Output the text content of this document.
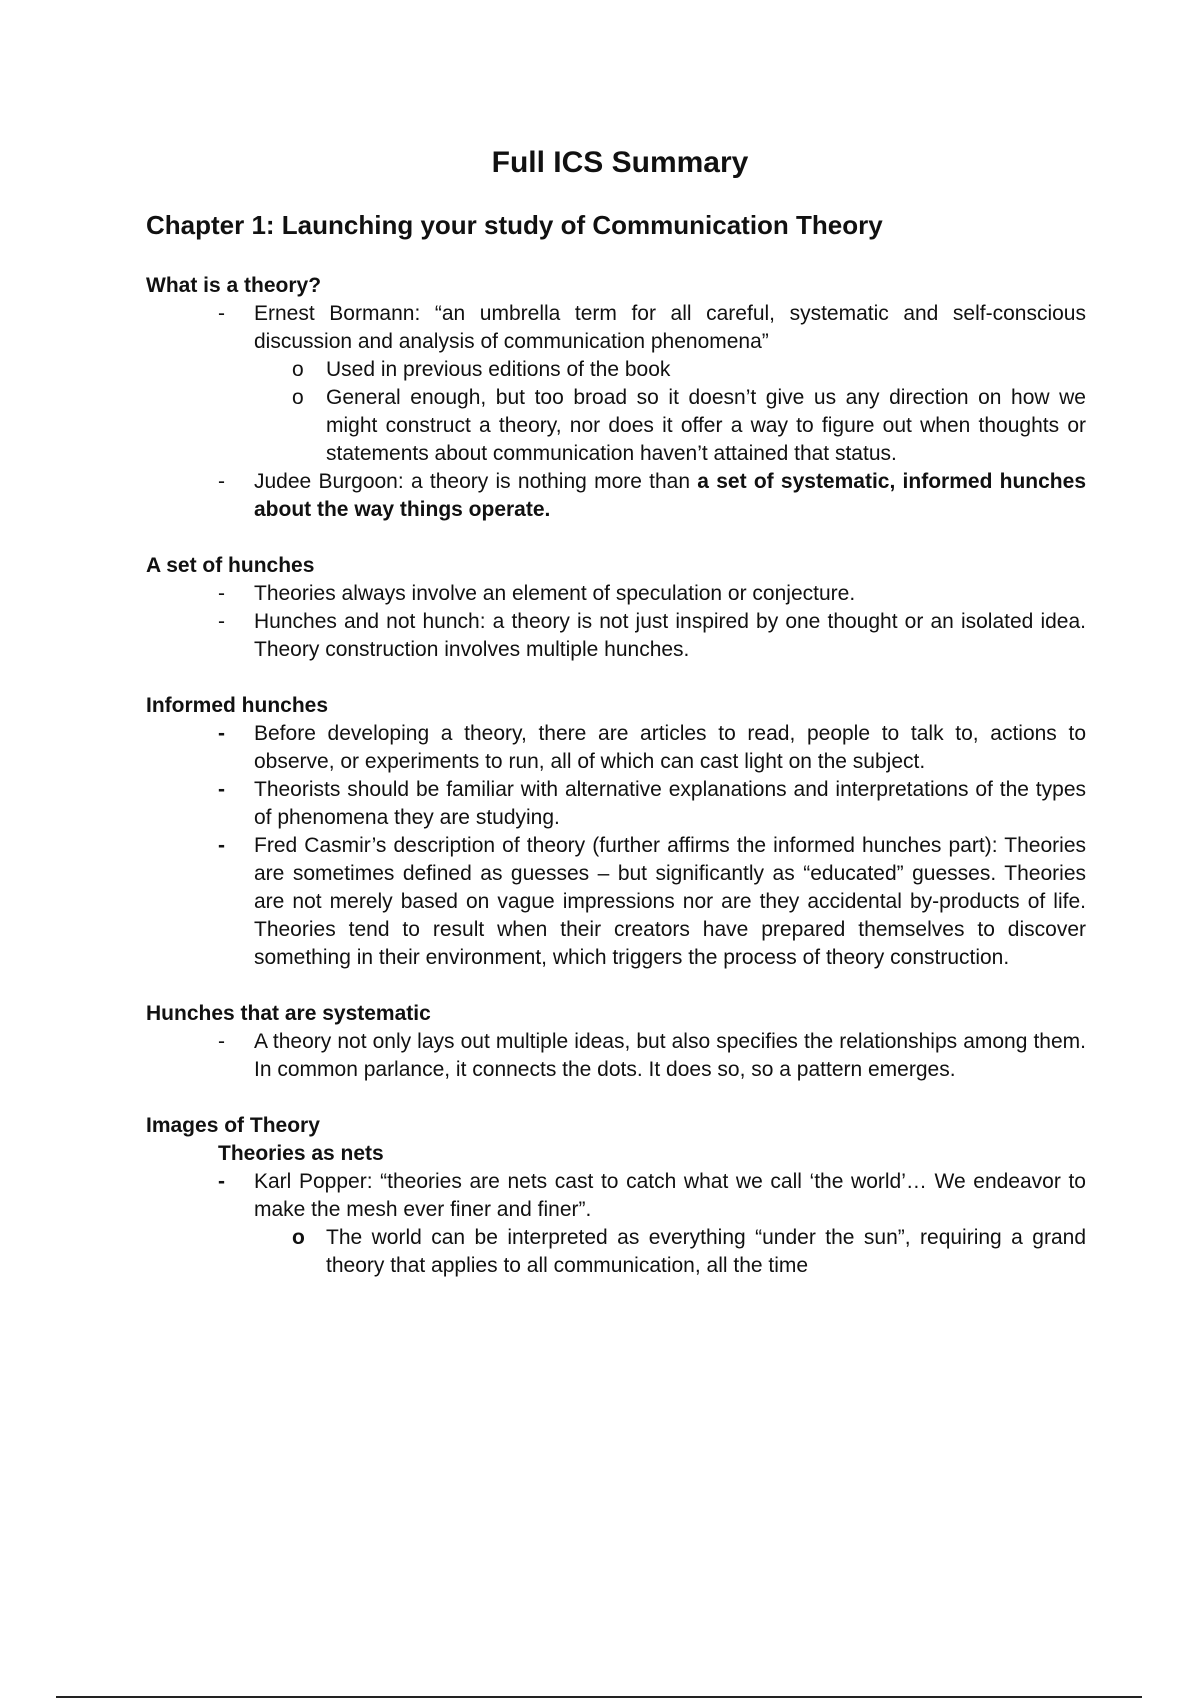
Full ICS Summary
Chapter 1: Launching your study of Communication Theory

What is a theory?

-	Ernest Bormann: “an umbrella term for all careful, systematic and self-conscious discussion and analysis of communication phenomena”
o Used in previous editions of the book
o General enough, but too broad so it doesn’t give us any direction on how we might construct a theory, nor does it offer a way to figure out when thoughts or statements about communication haven’t attained that status.
-	Judee Burgoon: a theory is nothing more than a set of systematic, informed hunches about the way things operate.

A set of hunches

-	Theories always involve an element of speculation or conjecture.
-	Hunches and not hunch: a theory is not just inspired by one thought or an isolated idea. Theory construction involves multiple hunches.

Informed hunches

-	Before developing a theory, there are articles to read, people to talk to, actions to observe, or experiments to run, all of which can cast light on the subject.
-	Theorists should be familiar with alternative explanations and interpretations of the types of phenomena they are studying.
-	Fred Casmir’s description of theory (further affirms the informed hunches part): Theories are sometimes defined as guesses – but significantly as “educated” guesses. Theories are not merely based on vague impressions nor are they accidental by-products of life. Theories tend to result when their creators have prepared themselves to discover something in their environment, which triggers the process of theory construction.

Hunches that are systematic

-	A theory not only lays out multiple ideas, but also specifies the relationships among them. In common parlance, it connects the dots. It does so, so a pattern emerges.

Images of Theory

Theories as nets

-	Karl Popper: “theories are nets cast to catch what we call ‘the world’… We endeavor to make the mesh ever finer and finer”.
o The world can be interpreted as everything “under the sun”, requiring a grand theory that applies to all communication, all the time
